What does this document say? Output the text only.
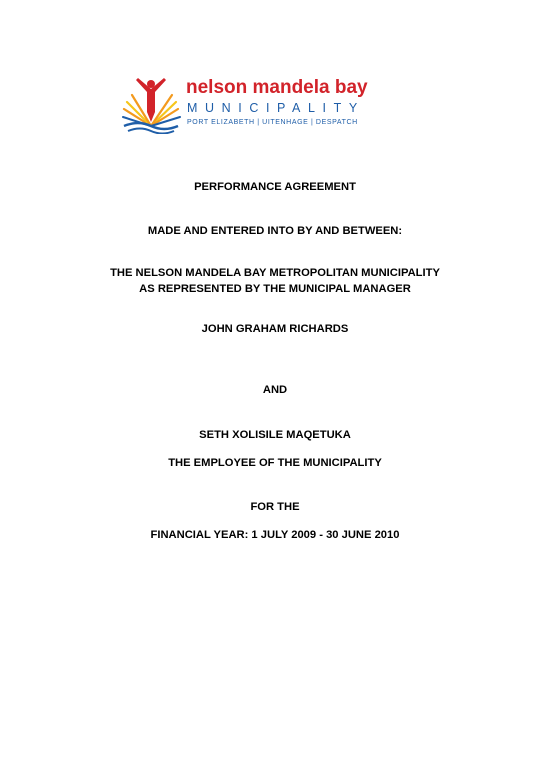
nelson mandela bay
MUNICIPALITY
PORT ELIZABETH | UITENHAGE | DESPATCH
PERFORMANCE AGREEMENT
MADE AND ENTERED INTO BY AND BETWEEN:
THE NELSON MANDELA BAY METROPOLITAN MUNICIPALITY
AS REPRESENTED BY THE MUNICIPAL MANAGER
JOHN GRAHAM RICHARDS
AND
SETH XOLISILE MAQETUKA
THE EMPLOYEE OF THE MUNICIPALITY
FOR THE
FINANCIAL YEAR: 1 JULY 2009 - 30 JUNE 2010
